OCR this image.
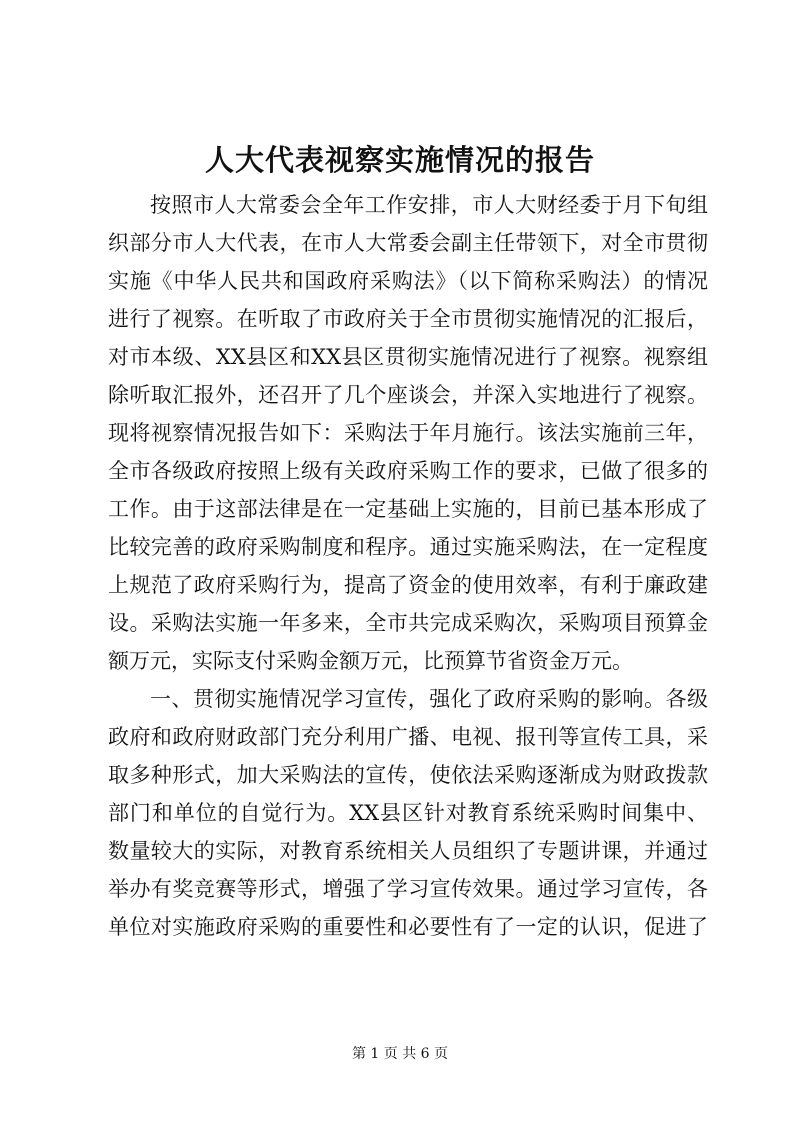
人大代表视察实施情况的报告
按照市人大常委会全年工作安排，市人大财经委于月下旬组
织部分市人大代表，在市人大常委会副主任带领下，对全市贯彻
实施《中华人民共和国政府采购法》（以下简称采购法）的情况
进行了视察。在听取了市政府关于全市贯彻实施情况的汇报后，
对市本级、XX县区和XX县区贯彻实施情况进行了视察。视察组
除听取汇报外，还召开了几个座谈会，并深入实地进行了视察。
现将视察情况报告如下：采购法于年月施行。该法实施前三年，
全市各级政府按照上级有关政府采购工作的要求，已做了很多的
工作。由于这部法律是在一定基础上实施的，目前已基本形成了
比较完善的政府采购制度和程序。通过实施采购法，在一定程度
上规范了政府采购行为，提高了资金的使用效率，有利于廉政建
设。采购法实施一年多来，全市共完成采购次，采购项目预算金
额万元，实际支付采购金额万元，比预算节省资金万元。
一、贯彻实施情况学习宣传，强化了政府采购的影响。各级
政府和政府财政部门充分利用广播、电视、报刊等宣传工具，采
取多种形式，加大采购法的宣传，使依法采购逐渐成为财政拨款
部门和单位的自觉行为。XX县区针对教育系统采购时间集中、
数量较大的实际，对教育系统相关人员组织了专题讲课，并通过
举办有奖竞赛等形式，增强了学习宣传效果。通过学习宣传，各
单位对实施政府采购的重要性和必要性有了一定的认识，促进了
第 1 页 共 6 页
